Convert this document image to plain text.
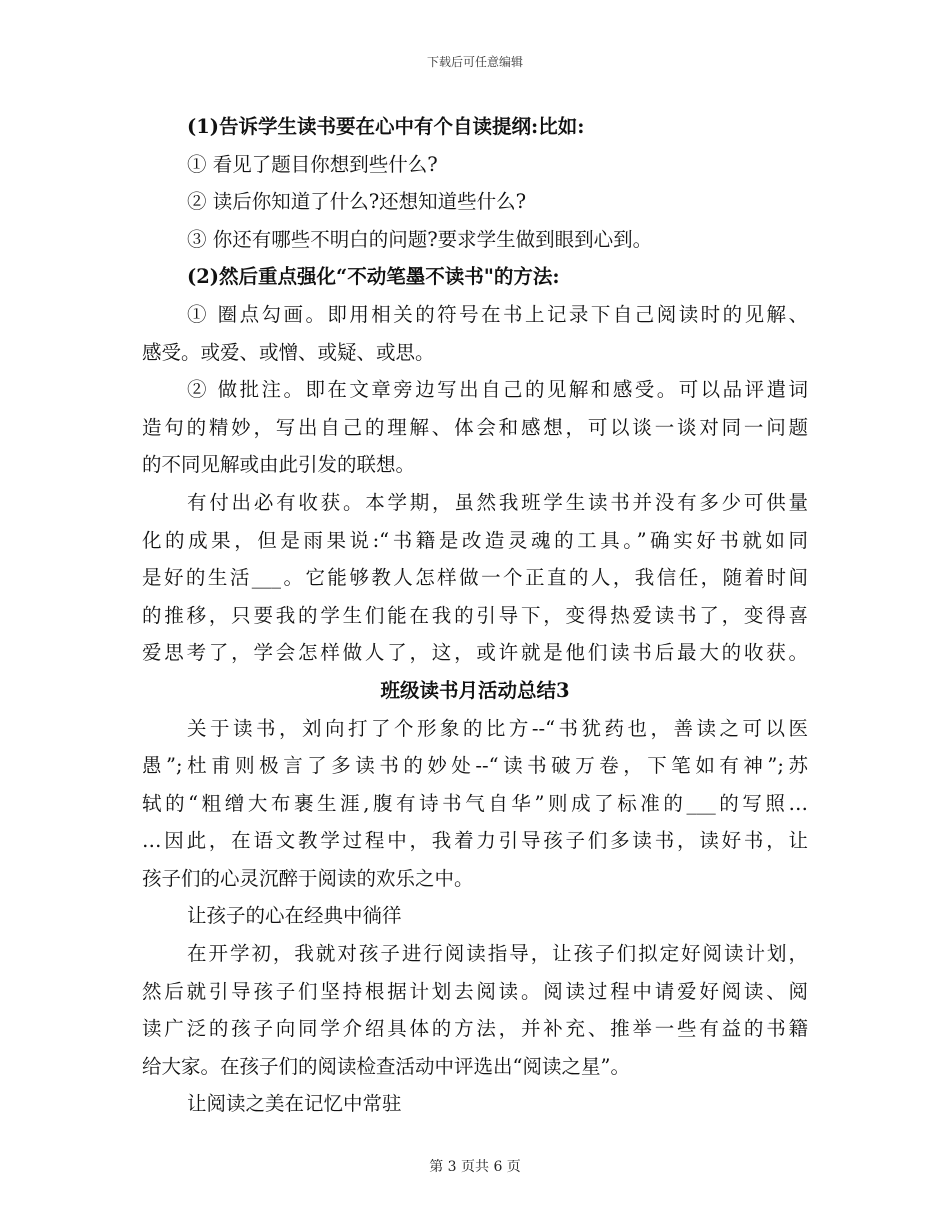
下载后可任意编辑
(1)告诉学生读书要在心中有个自读提纲:比如:
① 看见了题目你想到些什么?
② 读后你知道了什么?还想知道些什么?
③ 你还有哪些不明白的问题?要求学生做到眼到心到。
(2)然后重点强化“不动笔墨不读书"的方法:
① 圈点勾画。即用相关的符号在书上记录下自己阅读时的见解、
感受。或爱、或憎、或疑、或思。
② 做批注。即在文章旁边写出自己的见解和感受。可以品评遣词
造句的精妙，写出自己的理解、体会和感想，可以谈一谈对同一问题
的不同见解或由此引发的联想。
有付出必有收获。本学期，虽然我班学生读书并没有多少可供量
化的成果，但是雨果说:“书籍是改造灵魂的工具。”确实好书就如同
是好的生活___。它能够教人怎样做一个正直的人，我信任，随着时间
的推移，只要我的学生们能在我的引导下，变得热爱读书了，变得喜
爱思考了，学会怎样做人了，这，或许就是他们读书后最大的收获。
班级读书月活动总结3
关于读书，刘向打了个形象的比方--“书犹药也，善读之可以医
愚”;杜甫则极言了多读书的妙处--“读书破万卷，下笔如有神”;苏
轼的“粗缯大布裹生涯,腹有诗书气自华”则成了标准的___的写照…
…因此，在语文教学过程中，我着力引导孩子们多读书，读好书，让
孩子们的心灵沉醉于阅读的欢乐之中。
让孩子的心在经典中徜徉
在开学初，我就对孩子进行阅读指导，让孩子们拟定好阅读计划，
然后就引导孩子们坚持根据计划去阅读。阅读过程中请爱好阅读、阅
读广泛的孩子向同学介绍具体的方法，并补充、推举一些有益的书籍
给大家。在孩子们的阅读检查活动中评选出“阅读之星”。
让阅读之美在记忆中常驻
第 3 页共 6 页
